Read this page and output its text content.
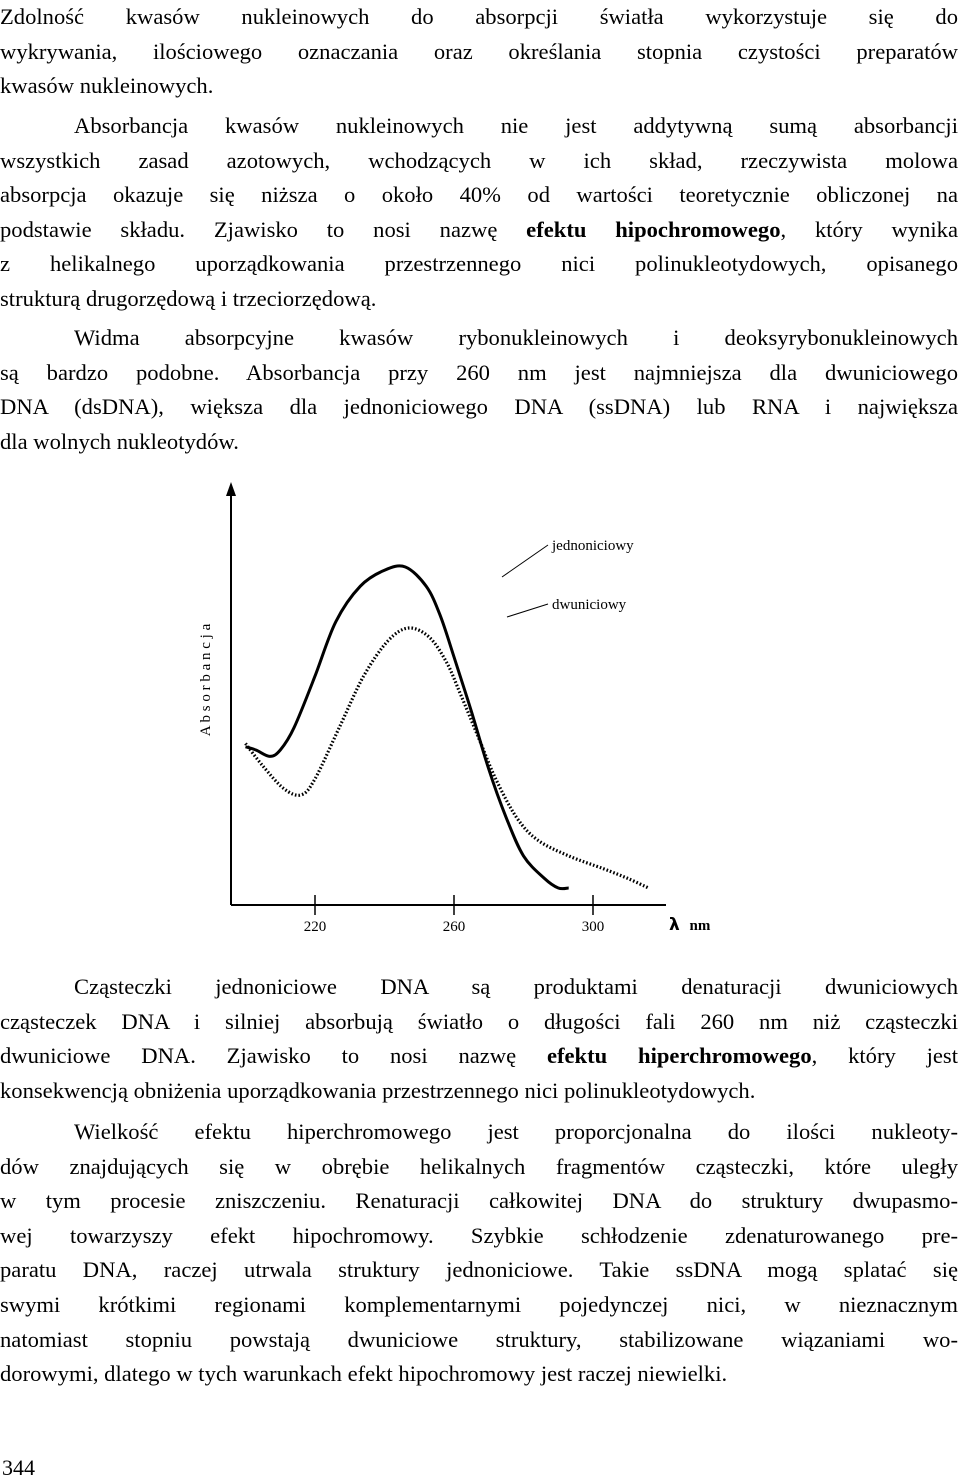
Zdolność kwasów nukleinowych do absorpcji światła wykorzystuje się do
wykrywania, ilościowego oznaczania oraz określania stopnia czystości preparatów
kwasów nukleinowych.
Absorbancja kwasów nukleinowych nie jest addytywną sumą absorbancji
wszystkich zasad azotowych, wchodzących w ich skład, rzeczywista molowa
absorpcja okazuje się niższa o około 40% od wartości teoretycznie obliczonej na
podstawie składu. Zjawisko to nosi nazwę efektu hipochromowego, który wynika
z helikalnego uporządkowania przestrzennego nici polinukleotydowych, opisanego
strukturą drugorzędową i trzeciorzędową.
Widma absorpcyjne kwasów rybonukleinowych i deoksyrybonukleinowych
są bardzo podobne. Absorbancja przy 260 nm jest najmniejsza dla dwuniciowego
DNA (dsDNA), większa dla jednoniciowego DNA (ssDNA) lub RNA i największa
dla wolnych nukleotydów.
A b s o r b a n c j a
220	260	300
jednoniciowy
dwuniciowy
λ nm
Cząsteczki jednoniciowe DNA są produktami denaturacji dwuniciowych
cząsteczek DNA i silniej absorbują światło o długości fali 260 nm niż cząsteczki
dwuniciowe DNA. Zjawisko to nosi nazwę efektu hiperchromowego, który jest
konsekwencją obniżenia uporządkowania przestrzennego nici polinukleotydowych.
Wielkość efektu hiperchromowego jest proporcjonalna do ilości nukleoty-
dów znajdujących się w obrębie helikalnych fragmentów cząsteczki, które uległy
w tym procesie zniszczeniu. Renaturacji całkowitej DNA do struktury dwupasmo-
wej towarzyszy efekt hipochromowy. Szybkie schłodzenie zdenaturowanego pre-
paratu DNA, raczej utrwala struktury jednoniciowe. Takie ssDNA mogą splatać się
swymi krótkimi regionami komplementarnymi pojedynczej nici, w nieznacznym
natomiast stopniu powstają dwuniciowe struktury, stabilizowane wiązaniami wo-
dorowymi, dlatego w tych warunkach efekt hipochromowy jest raczej niewielki.
344
